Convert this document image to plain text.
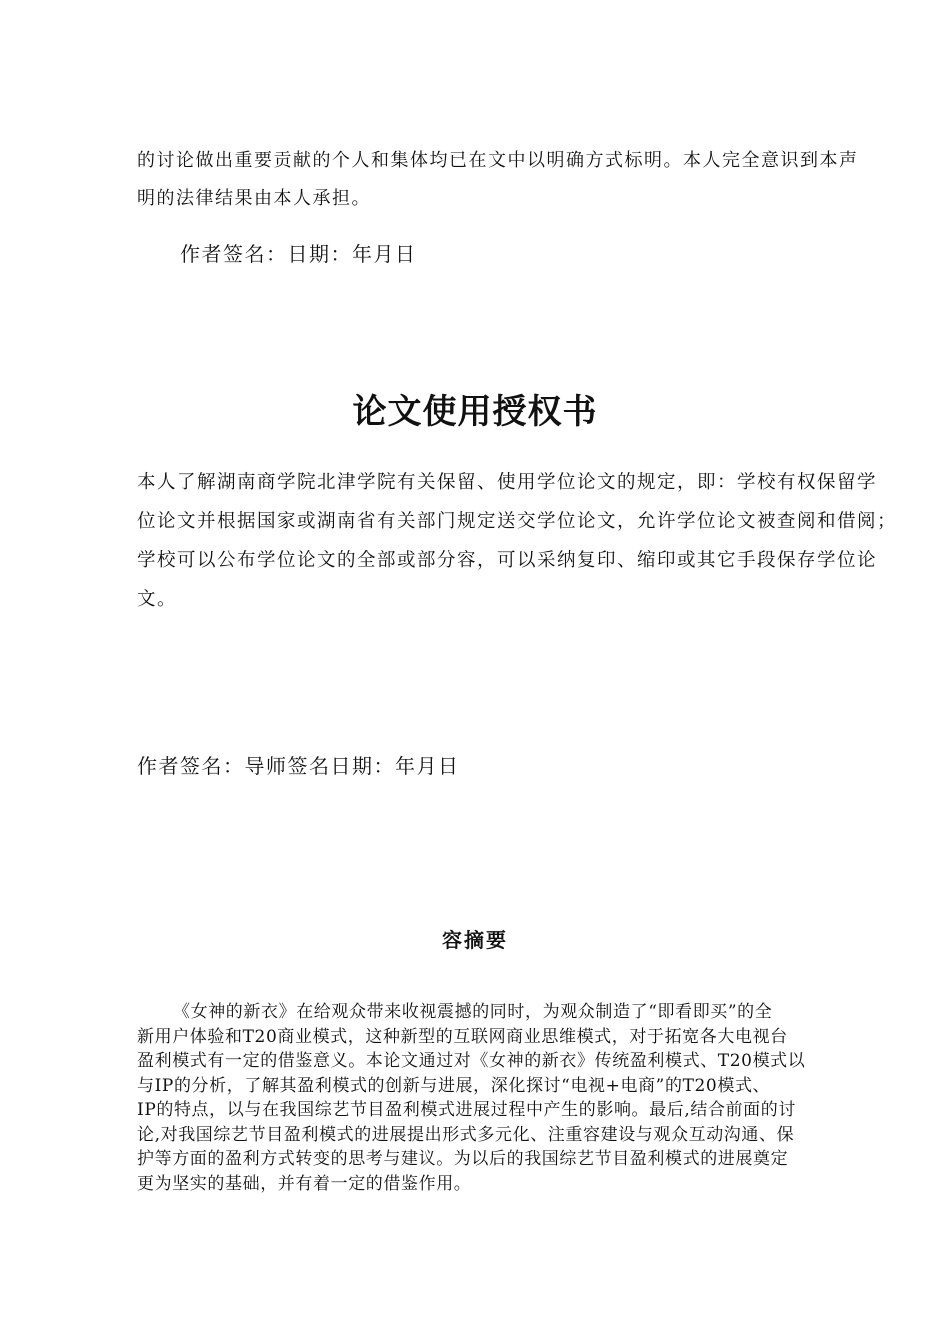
的讨论做出重要贡献的个人和集体均已在文中以明确方式标明。本人完全意识到本声
明的法律结果由本人承担。
作者签名：日期：年月日
论文使用授权书
本人了解湖南商学院北津学院有关保留、使用学位论文的规定，即：学校有权保留学
位论文并根据国家或湖南省有关部门规定送交学位论文，允许学位论文被查阅和借阅；
学校可以公布学位论文的全部或部分容，可以采纳复印、缩印或其它手段保存学位论
文。
作者签名：导师签名日期：年月日
容摘要
《女神的新衣》在给观众带来收视震撼的同时，为观众制造了“即看即买”的全
新用户体验和T20商业模式，这种新型的互联网商业思维模式，对于拓宽各大电视台
盈利模式有一定的借鉴意义。本论文通过对《女神的新衣》传统盈利模式、T20模式以
与IP的分析，了解其盈利模式的创新与进展，深化探讨“电视+电商”的T20模式、
IP的特点，以与在我国综艺节目盈利模式进展过程中产生的影响。最后,结合前面的讨
论,对我国综艺节目盈利模式的进展提出形式多元化、注重容建设与观众互动沟通、保
护等方面的盈利方式转变的思考与建议。为以后的我国综艺节目盈利模式的进展奠定
更为坚实的基础，并有着一定的借鉴作用。
